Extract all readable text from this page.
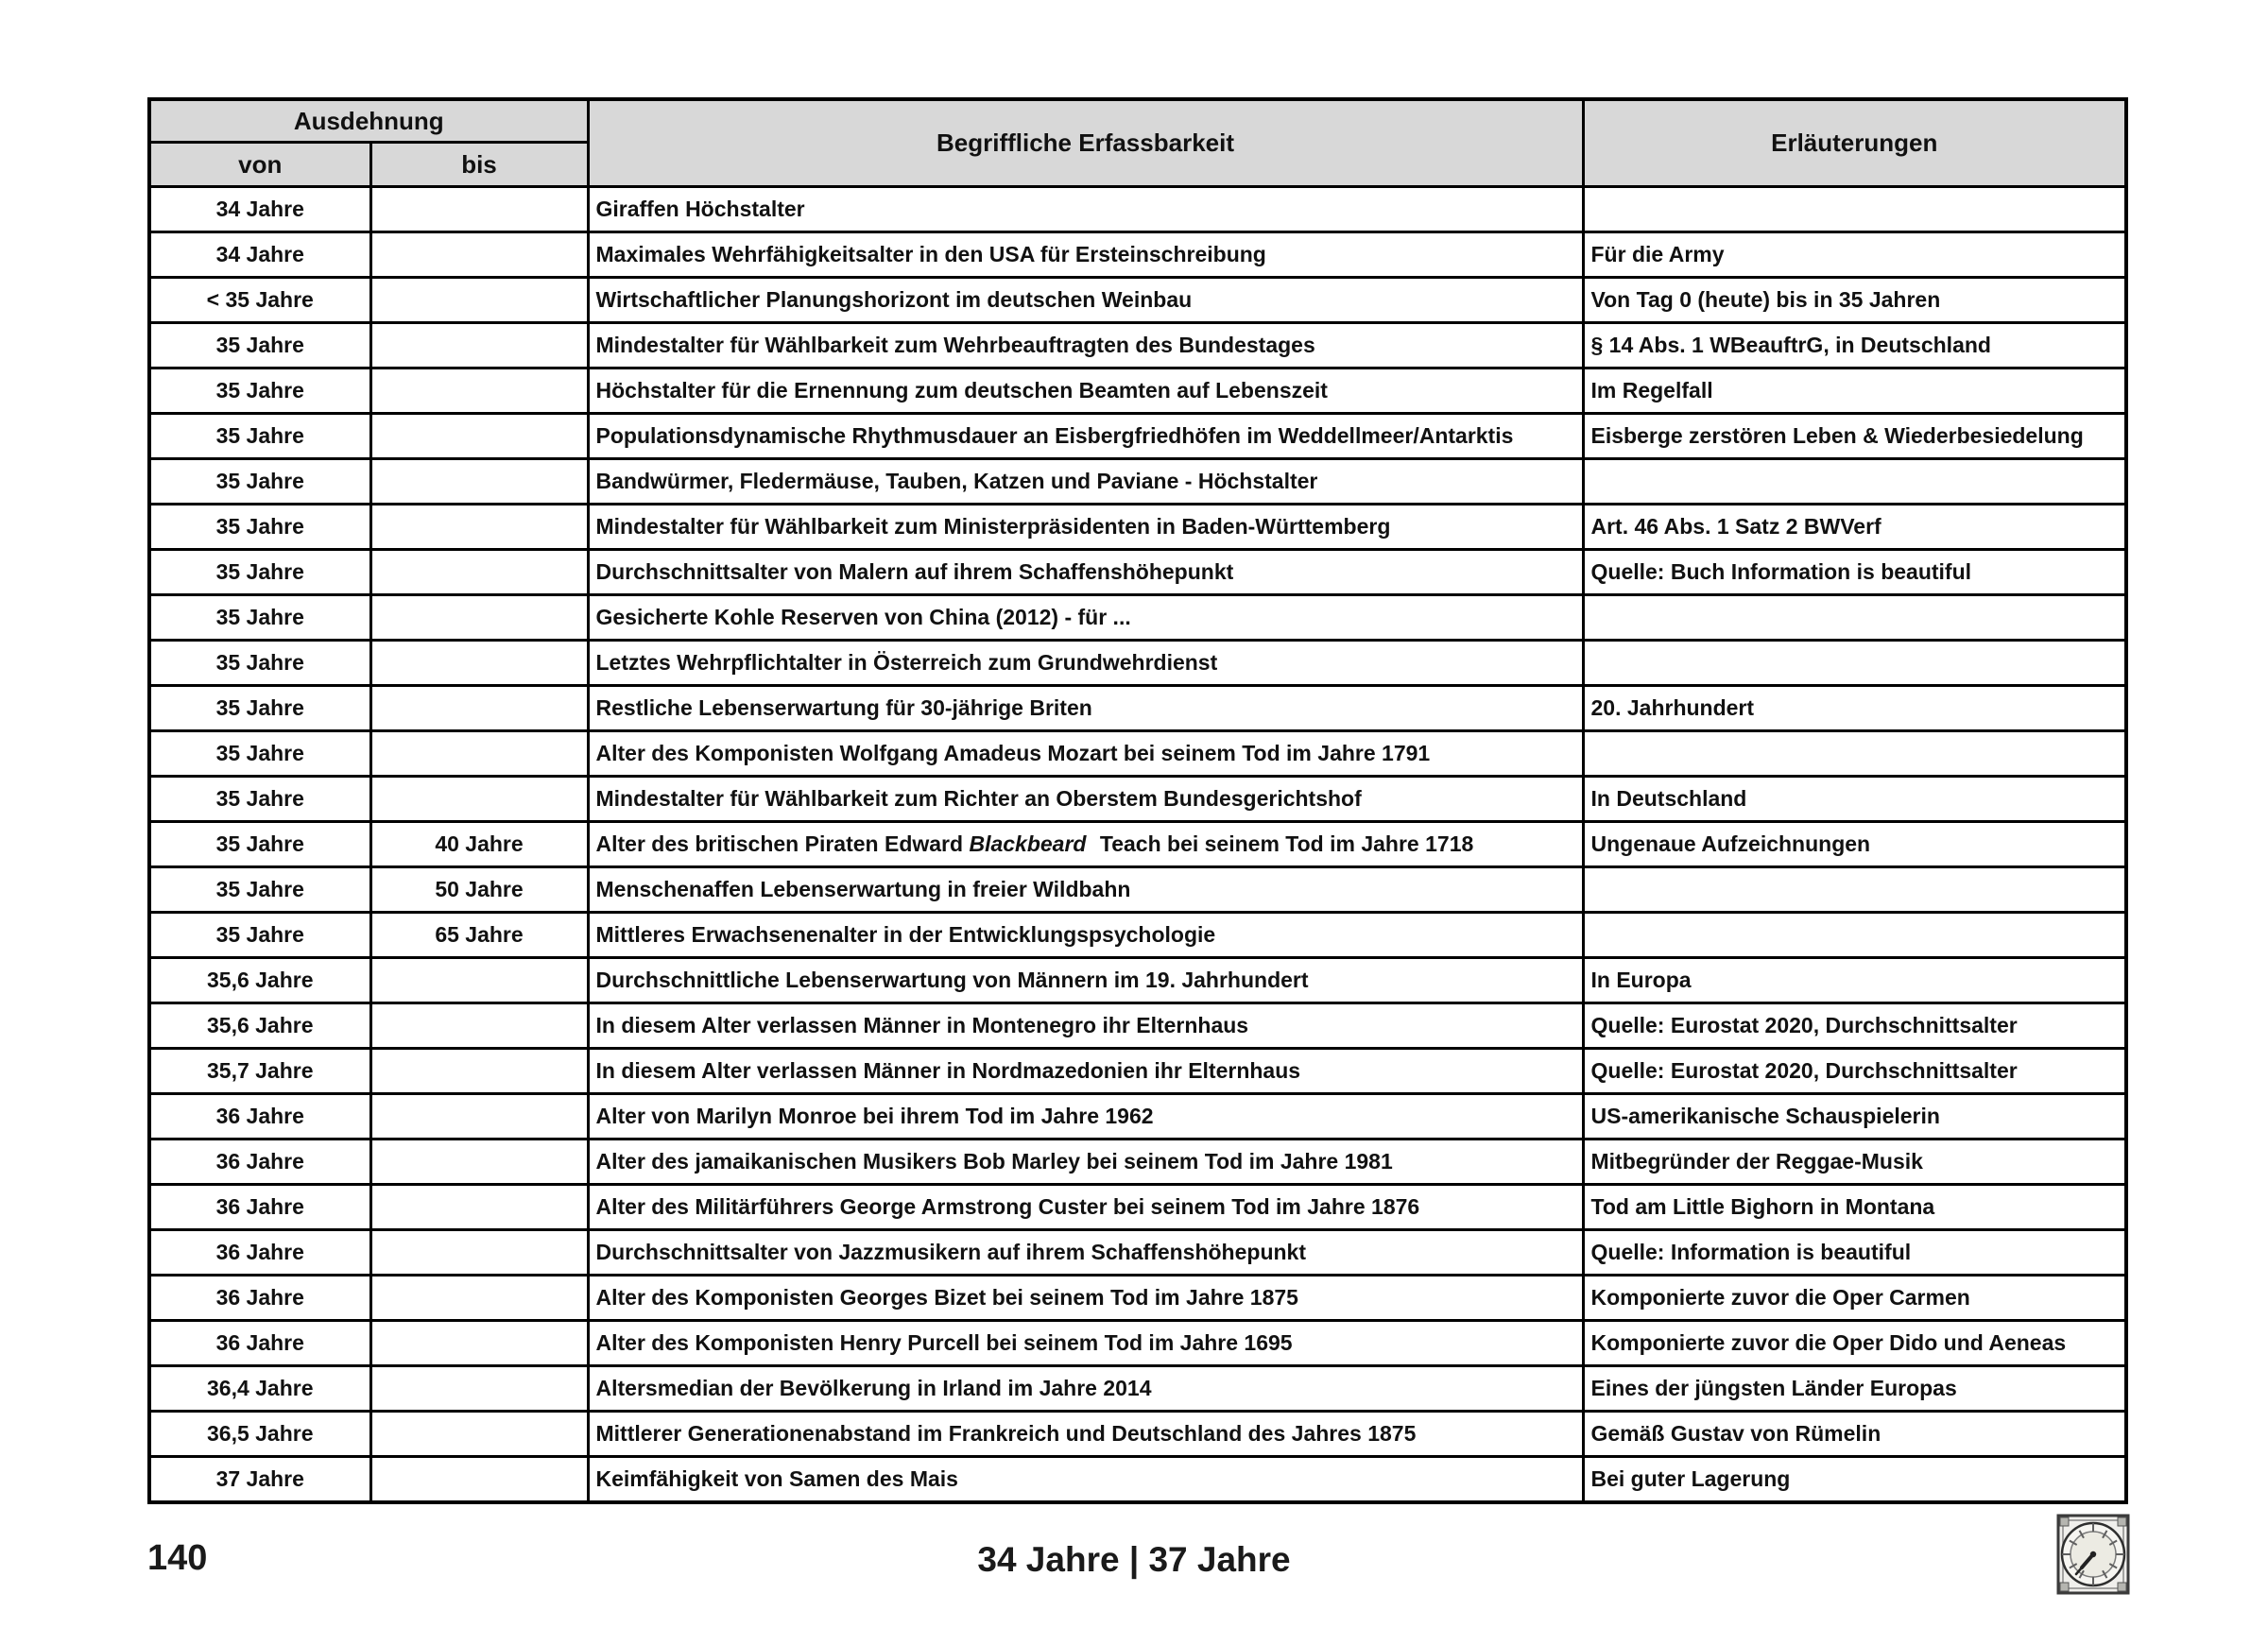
Ausdehnung		Begriffliche Erfassbarkeit	Erläuterungen
von	bis		
34 Jahre		Giraffen Höchstalter	
34 Jahre		Maximales Wehrfähigkeitsalter in den USA für Ersteinschreibung	Für die Army
< 35 Jahre		Wirtschaftlicher Planungshorizont im deutschen Weinbau	Von Tag 0 (heute) bis in 35 Jahren
35 Jahre		Mindestalter für Wählbarkeit zum Wehrbeauftragten des Bundestages	§ 14 Abs. 1 WBeauftrG, in Deutschland
35 Jahre		Höchstalter für die Ernennung zum deutschen Beamten auf Lebenszeit	Im Regelfall
35 Jahre		Populationsdynamische Rhythmusdauer an Eisbergfriedhöfen im Weddellmeer/Antarktis	Eisberge zerstören Leben & Wiederbesiedelung
35 Jahre		Bandwürmer, Fledermäuse, Tauben, Katzen und Paviane - Höchstalter	
35 Jahre		Mindestalter für Wählbarkeit zum Ministerpräsidenten in Baden-Württemberg	Art. 46 Abs. 1 Satz 2 BWVerf
35 Jahre		Durchschnittsalter von Malern auf ihrem Schaffenshöhepunkt	Quelle: Buch Information is beautiful
35 Jahre		Gesicherte Kohle Reserven von China (2012) - für ...	
35 Jahre		Letztes Wehrpflichtalter in Österreich zum Grundwehrdienst	
35 Jahre		Restliche Lebenserwartung für 30-jährige Briten	20. Jahrhundert
35 Jahre		Alter des Komponisten Wolfgang Amadeus Mozart bei seinem Tod im Jahre 1791	
35 Jahre		Mindestalter für Wählbarkeit zum Richter an Oberstem Bundesgerichtshof	In Deutschland
35 Jahre	40 Jahre	Alter des britischen Piraten Edward Blackbeard Teach bei seinem Tod im Jahre 1718	Ungenaue Aufzeichnungen
35 Jahre	50 Jahre	Menschenaffen Lebenserwartung in freier Wildbahn	
35 Jahre	65 Jahre	Mittleres Erwachsenenalter in der Entwicklungspsychologie	
35,6 Jahre		Durchschnittliche Lebenserwartung von Männern im 19. Jahrhundert	In Europa
35,6 Jahre		In diesem Alter verlassen Männer in Montenegro ihr Elternhaus	Quelle: Eurostat 2020, Durchschnittsalter
35,7 Jahre		In diesem Alter verlassen Männer in Nordmazedonien ihr Elternhaus	Quelle: Eurostat 2020, Durchschnittsalter
36 Jahre		Alter von Marilyn Monroe bei ihrem Tod im Jahre 1962	US-amerikanische Schauspielerin
36 Jahre		Alter des jamaikanischen Musikers Bob Marley bei seinem Tod im Jahre 1981	Mitbegründer der Reggae-Musik
36 Jahre		Alter des Militärführers George Armstrong Custer bei seinem Tod im Jahre 1876	Tod am Little Bighorn in Montana
36 Jahre		Durchschnittsalter von Jazzmusikern auf ihrem Schaffenshöhepunkt	Quelle: Information is beautiful
36 Jahre		Alter des Komponisten Georges Bizet bei seinem Tod im Jahre 1875	Komponierte zuvor die Oper Carmen
36 Jahre		Alter des Komponisten Henry Purcell bei seinem Tod im Jahre 1695	Komponierte zuvor die Oper Dido und Aeneas
36,4 Jahre		Altersmedian der Bevölkerung in Irland im Jahre 2014	Eines der jüngsten Länder Europas
36,5 Jahre		Mittlerer Generationenabstand im Frankreich und Deutschland des Jahres 1875	Gemäß Gustav von Rümelin
37 Jahre		Keimfähigkeit von Samen des Mais	Bei guter Lagerung
140	34 Jahre | 37 Jahre
